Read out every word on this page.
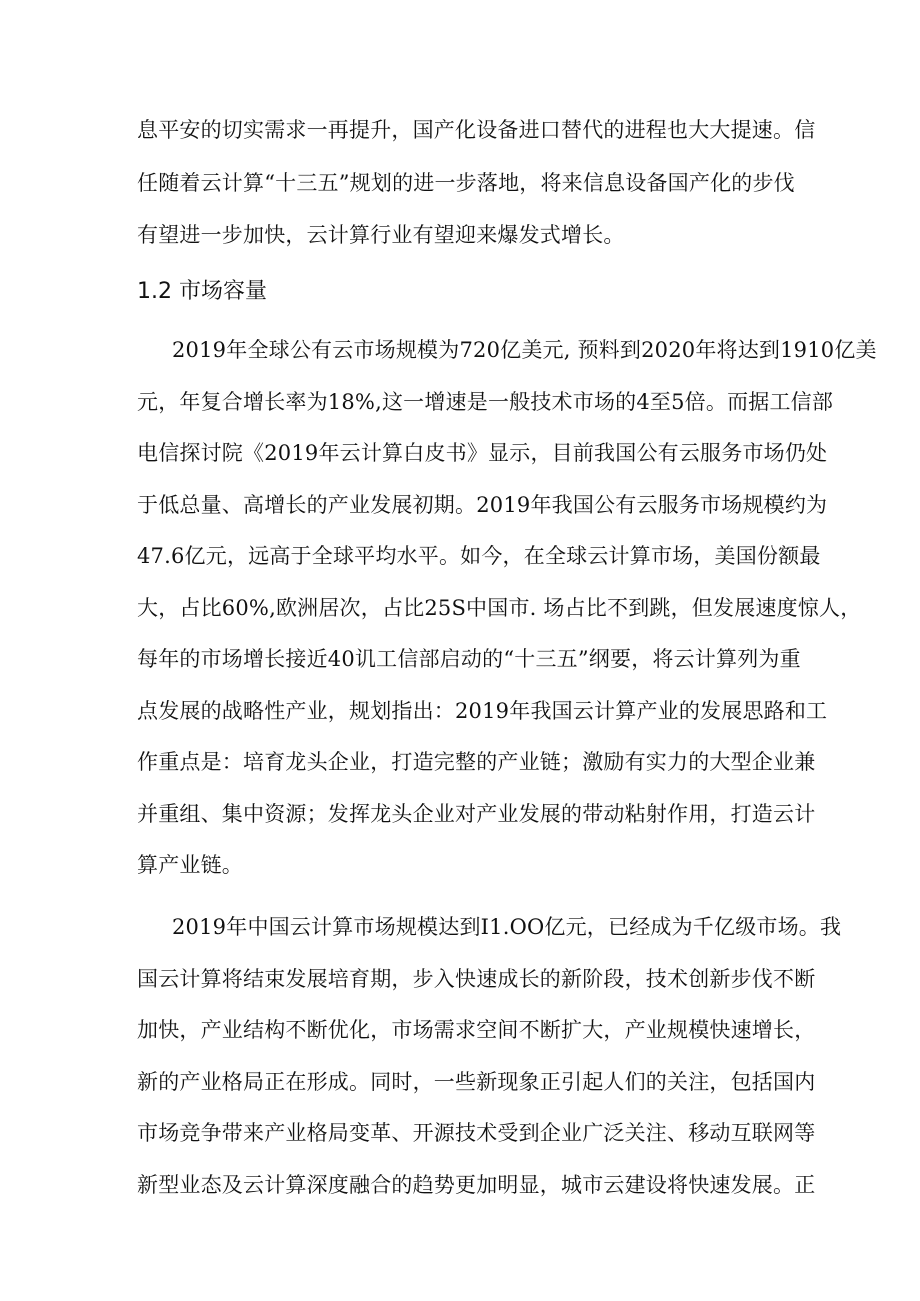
息平安的切实需求一再提升，国产化设备进口替代的进程也大大提速。信
任随着云计算“十三五”规划的进一步落地，将来信息设备国产化的步伐
有望进一步加快，云计算行业有望迎来爆发式增长。
1.2 市场容量
2019年全球公有云市场规模为720亿美元, 预料到2020年将达到1910亿美
元，年复合增长率为18%,这一增速是一般技术市场的4至5倍。而据工信部
电信探讨院《2019年云计算白皮书》显示，目前我国公有云服务市场仍处
于低总量、高增长的产业发展初期。2019年我国公有云服务市场规模约为
47.6亿元，远高于全球平均水平。如今，在全球云计算市场，美国份额最
大，占比60%,欧洲居次，占比25S中国市. 场占比不到跳，但发展速度惊人，
每年的市场增长接近40讥工信部启动的“十三五”纲要，将云计算列为重
点发展的战略性产业，规划指出：2019年我国云计算产业的发展思路和工
作重点是：培育龙头企业，打造完整的产业链；激励有实力的大型企业兼
并重组、集中资源；发挥龙头企业对产业发展的带动粘射作用，打造云计
算产业链。
2019年中国云计算市场规模达到I1.OO亿元，已经成为千亿级市场。我
国云计算将结束发展培育期，步入快速成长的新阶段，技术创新步伐不断
加快，产业结构不断优化，市场需求空间不断扩大，产业规模快速增长，
新的产业格局正在形成。同时，一些新现象正引起人们的关注，包括国内
市场竞争带来产业格局变革、开源技术受到企业广泛关注、移动互联网等
新型业态及云计算深度融合的趋势更加明显，城市云建设将快速发展。正
